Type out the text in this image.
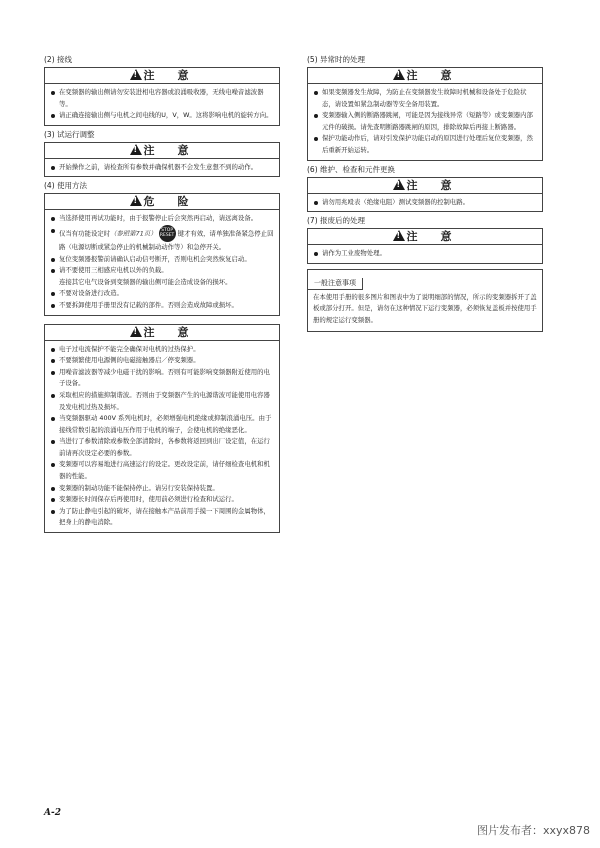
(2) 接线
!注　意
在变频器的输出侧请勿安装进相电容器或浪涌吸收器，无线电噪音滤波器等。
请正确连接输出侧与电机之间电线的U，V，W。这将影响电机的旋转方向。
(3) 试运行调整
!注　意
开始操作之前，请检查所有参数并确保机器不会发生意想不到的动作。
(4) 使用方法
!危　险
当选择使用再试功能时，由于报警停止后会突然再启动，请远离设备。
仅当有功能设定时（参照第71页） STOP RESET 键才有效，请单独准备紧急停止回路（电源切断或紧急停止的机械制动动作等）和急停开关。
复位变频器报警前请确认启动信号断开，否则电机会突然恢复启动。
请不要使用三相感应电机以外的负载。
连接其它电气设备到变频器的输出侧可能会造成设备的损坏。
不要对设备进行改造。
不要拆卸使用手册里没有记载的部件。否则会造成故障或损坏。
!注　意
电子过电流保护不能完全确保对电机的过热保护。
不要频繁使用电源侧的电磁接触器启／停变频器。
用噪音滤波器等减少电磁干扰的影响。否则有可能影响变频器附近使用的电子设备。
采取相应的措施抑制谐波。否则由于变频器产生的电源谐波可能使用电容器及发电机过热及损坏。
当变频器驱动 400V 系列电机时，必须增强电机绝缘或抑制浪涌电压。由于接线常数引起的浪涌电压作用于电机的端子，会使电机的绝缘恶化。
当进行了参数清除或参数全部清除时，各参数将返回到出厂设定值，在运行前请再次设定必要的参数。
变频器可以容易地进行高速运行的设定。更改设定前，请仔细检查电机和机器的性能。
变频器的制动功能不能保持停止。请另行安装保持装置。
变频器长时间保存后再使用时，使用前必须进行检查和试运行。
为了防止静电引起的破坏，请在接触本产品前用手摸一下周围的金属物体，把身上的静电消除。
(5) 异常时的处理
!注　意
如果变频器发生故障，为防止在变频器发生故障时机械和设备处于危险状态，请设置如紧急制动器等安全备用装置。
变频器输入侧的断路器跳闸，可能是因为接线异常（短路等）或变频器内部元件的破损。请先查明断路器跳闸的原因，排除故障后再接上断路器。
保护功能动作后，请对引发保护功能启动的原因进行处理后复位变频器，然后重新开始运转。
(6) 维护、检查和元件更换
!注　意
请勿用兆殴表（绝缘电阻）测试变频器的控制电路。
(7) 报废后的处理
!注　意
请作为工业废物处理。
一般注意事项
在本使用手册的很多图片和图表中为了说明细部的情况，所示的变频器拆开了盖板或部分打开。但是，请勿在这种情况下运行变频器，必须恢复盖板并按使用手册的规定运行变频器。
A-2
图片发布者：xxyx878
